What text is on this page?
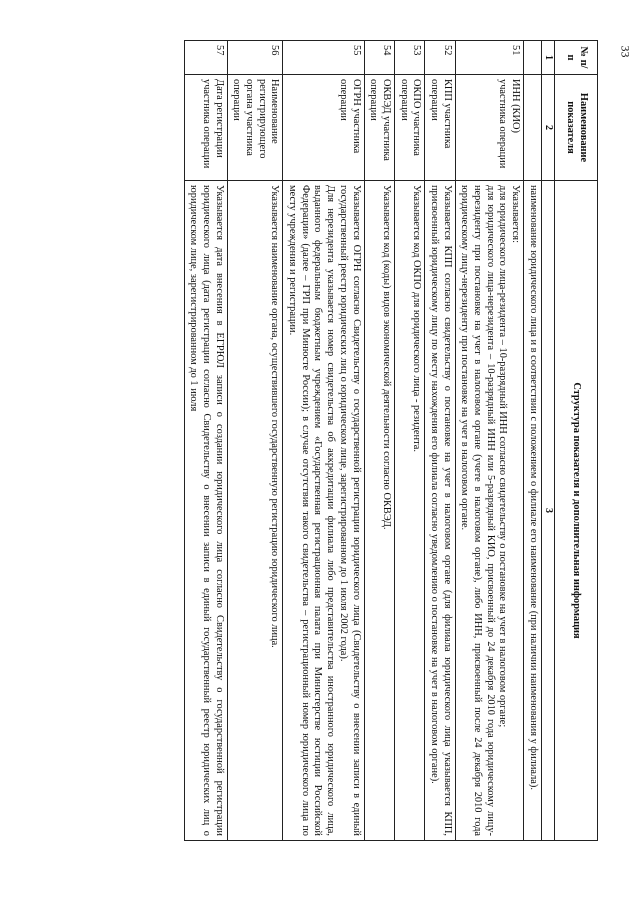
33
№ п/п	Наименование показателя	Структура показателя и дополнительная информация
1	2	3
		наименование юридического лица и в соответствии с положением о филиале его наименование (при наличии наименования у филиала).
51	ИНН (КИО) участника операции	Указывается:

для юридического лица-резидента – 10-разрядный ИНН согласно свидетельству о постановке на учет в налоговом органе;

для юридического лица-нерезидента – 10-разрядный ИНН или 5-разрядный КИО, присвоенный до 24 декабря 2010 года юридическому лицу-нерезиденту при постановке на учет в налоговом органе (учете в налоговом органе), либо ИНН, присвоенный после 24 декабря 2010 года юридическому лицу-нерезиденту при постановке на учет в налоговом органе.

52	КПП участника операции	Указывается КПП согласно свидетельству о постановке на учет в налоговом органе (для филиала юридического лица указывается КПП, присвоенный юридическому лицу по месту нахождения его филиала согласно уведомлению о постановке на учет в налоговом органе).

53	ОКПО участника операции	Указывается код ОКПО для юридического лица - резидента.

54	ОКВЭД участника операции	Указывается код (коды) видов экономической деятельности согласно ОКВЭД.

55	ОГРН участника операции	Указывается ОГРН согласно Свидетельству о государственной регистрации юридического лица (Свидетельству о внесении записи в единый государственный реестр юридических лиц о юридическом лице, зарегистрированном до 1 июля 2002 года).

Для нерезидента указывается номер свидетельства об аккредитации филиала либо представительства иностранного юридического лица, выданного федеральным бюджетным учреждением «Государственная регистрационная палата при Министерстве юстиции Российской Федерации» (далее – ГРП при Минюсте России); в случае отсутствия такого свидетельства – регистрационный номер юридического лица по месту учреждения и регистрации.

56	Наименование регистрирующего органа участника операции	Указывается наименование органа, осуществившего государственную регистрацию юридического лица.

57	Дата регистрации участника операции	Указывается дата внесения в ЕГРЮЛ записи о создании юридического лица согласно Свидетельству о государственной регистрации юридического лица (дата регистрации согласно Свидетельству о внесении записи в единый государственный реестр юридических лиц о юридическом лице, зарегистрированном до 1 июля
